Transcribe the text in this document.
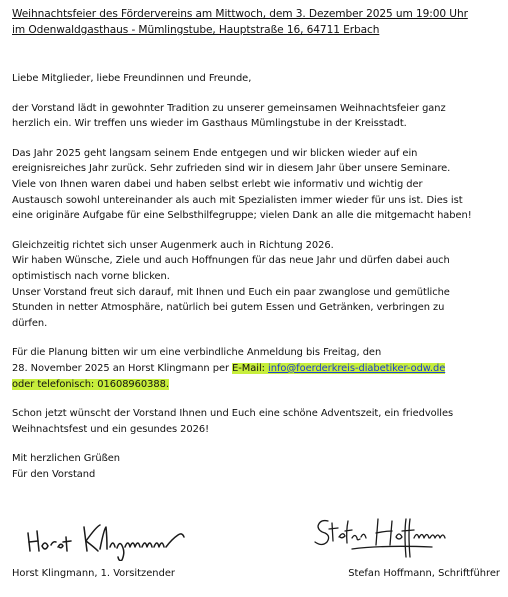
Weihnachtsfeier des Fördervereins am Mittwoch, dem 3. Dezember 2025 um 19:00 Uhr
im Odenwaldgasthaus - Mümlingstube, Hauptstraße 16, 64711 Erbach

Liebe Mitglieder, liebe Freundinnen und Freunde,

der Vorstand lädt in gewohnter Tradition zu unserer gemeinsamen Weihnachtsfeier ganz
herzlich ein. Wir treffen uns wieder im Gasthaus Mümlingstube in der Kreisstadt.

Das Jahr 2025 geht langsam seinem Ende entgegen und wir blicken wieder auf ein
ereignisreiches Jahr zurück. Sehr zufrieden sind wir in diesem Jahr über unsere Seminare.
Viele von Ihnen waren dabei und haben selbst erlebt wie informativ und wichtig der
Austausch sowohl untereinander als auch mit Spezialisten immer wieder für uns ist. Dies ist
eine originäre Aufgabe für eine Selbsthilfegruppe; vielen Dank an alle die mitgemacht haben!

Gleichzeitig richtet sich unser Augenmerk auch in Richtung 2026.
Wir haben Wünsche, Ziele und auch Hoffnungen für das neue Jahr und dürfen dabei auch
optimistisch nach vorne blicken.
Unser Vorstand freut sich darauf, mit Ihnen und Euch ein paar zwanglose und gemütliche
Stunden in netter Atmosphäre, natürlich bei gutem Essen und Getränken, verbringen zu
dürfen.

Für die Planung bitten wir um eine verbindliche Anmeldung bis Freitag, den
28. November 2025 an Horst Klingmann per E-Mail: info@foerderkreis-diabetiker-odw.de
oder telefonisch: 01608960388.

Schon jetzt wünscht der Vorstand Ihnen und Euch eine schöne Adventszeit, ein friedvolles
Weihnachtsfest und ein gesundes 2026!

Mit herzlichen Grüßen
Für den Vorstand

Horst Klingmann, 1. Vorsitzender	Stefan Hoffmann, Schriftführer
